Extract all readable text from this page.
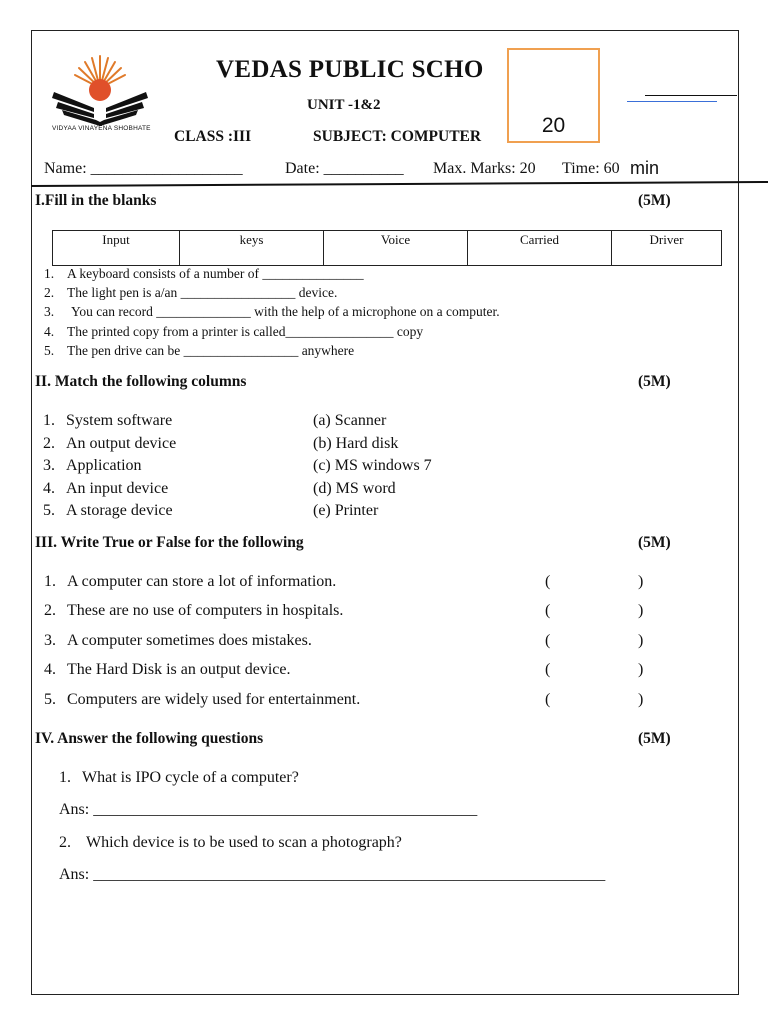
VIDYAA VINAYENA SHOBHATE
VEDAS PUBLIC SCHO
UNIT -1&2
CLASS :III	SUBJECT: COMPUTER	20
Name: ___________________	Date: __________ Max. Marks: 20 Time: 60 min
I.Fill in the blanks	(5M)
Input	keys	Voice	Carried	Driver
1. A keyboard consists of a number of _______________
2. The light pen is a/an _________________ device.
3. You can record ______________ with the help of a microphone on a computer.
4. The printed copy from a printer is called________________ copy
5. The pen drive can be _________________ anywhere
II. Match the following columns	(5M)
1. System software	(a) Scanner
2. An output device	(b) Hard disk
3. Application	(c) MS windows 7
4. An input device	(d) MS word
5. A storage device	(e) Printer
III. Write True or False for the following	(5M)
1. A computer can store a lot of information.	(	)
2. These are no use of computers in hospitals.	(	)
3. A computer sometimes does mistakes.	(	)
4. The Hard Disk is an output device.	(	)
5. Computers are widely used for entertainment.	(	)
IV. Answer the following questions	(5M)
1. What is IPO cycle of a computer?
Ans: ________________________________________________
2. Which device is to be used to scan a photograph?
Ans: ________________________________________________________________
